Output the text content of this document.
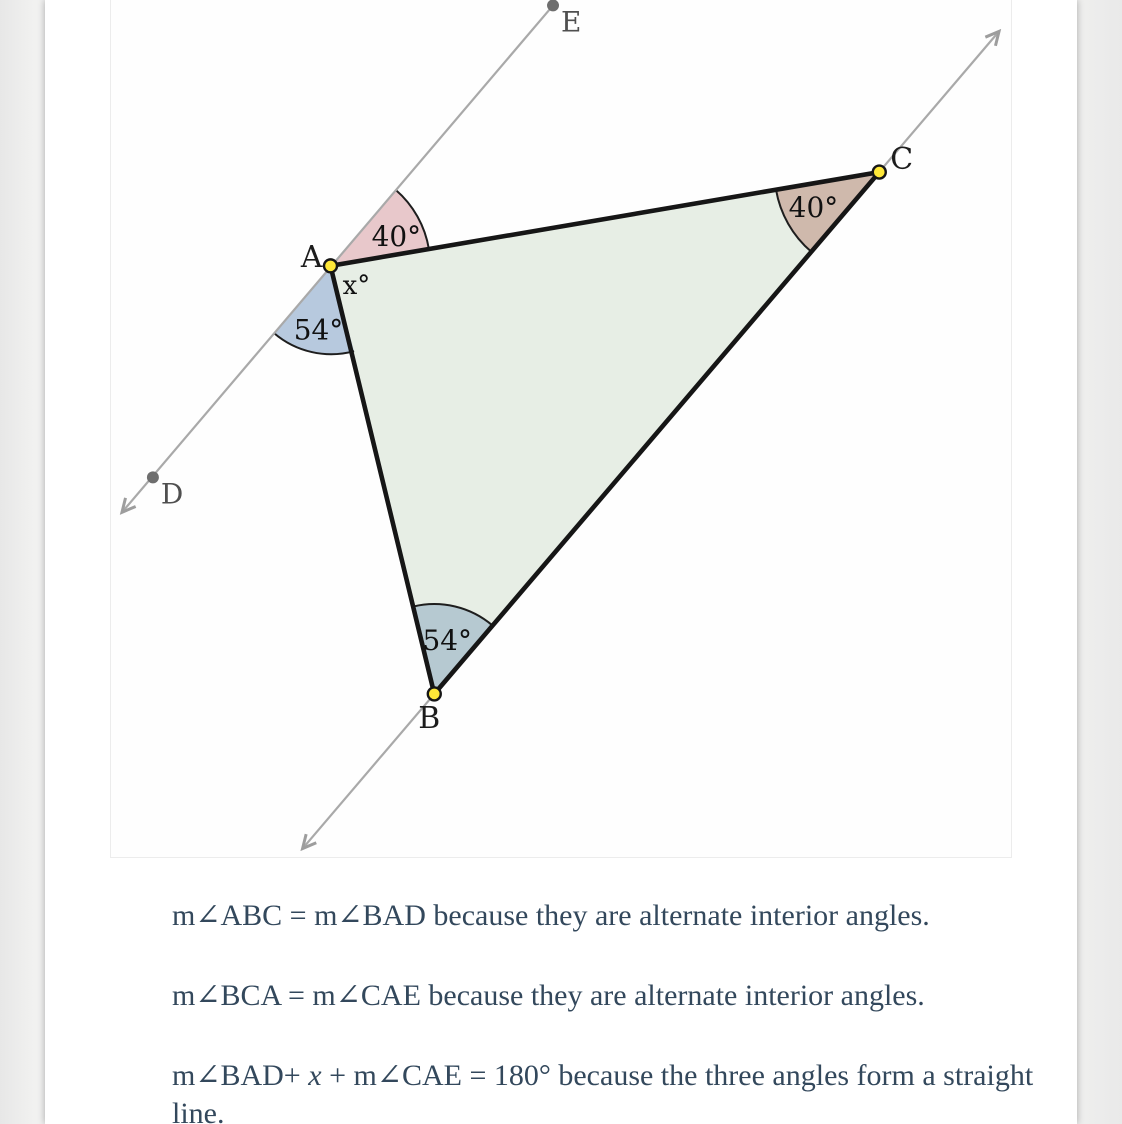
A
B
C
D
E
40°
54°
x°
40°
54°

m∠ABC = m∠BAD because they are alternate interior angles.

m∠BCA = m∠CAE because they are alternate interior angles.

m∠BAD+ x + m∠CAE = 180° because the three angles form a straight
line.
